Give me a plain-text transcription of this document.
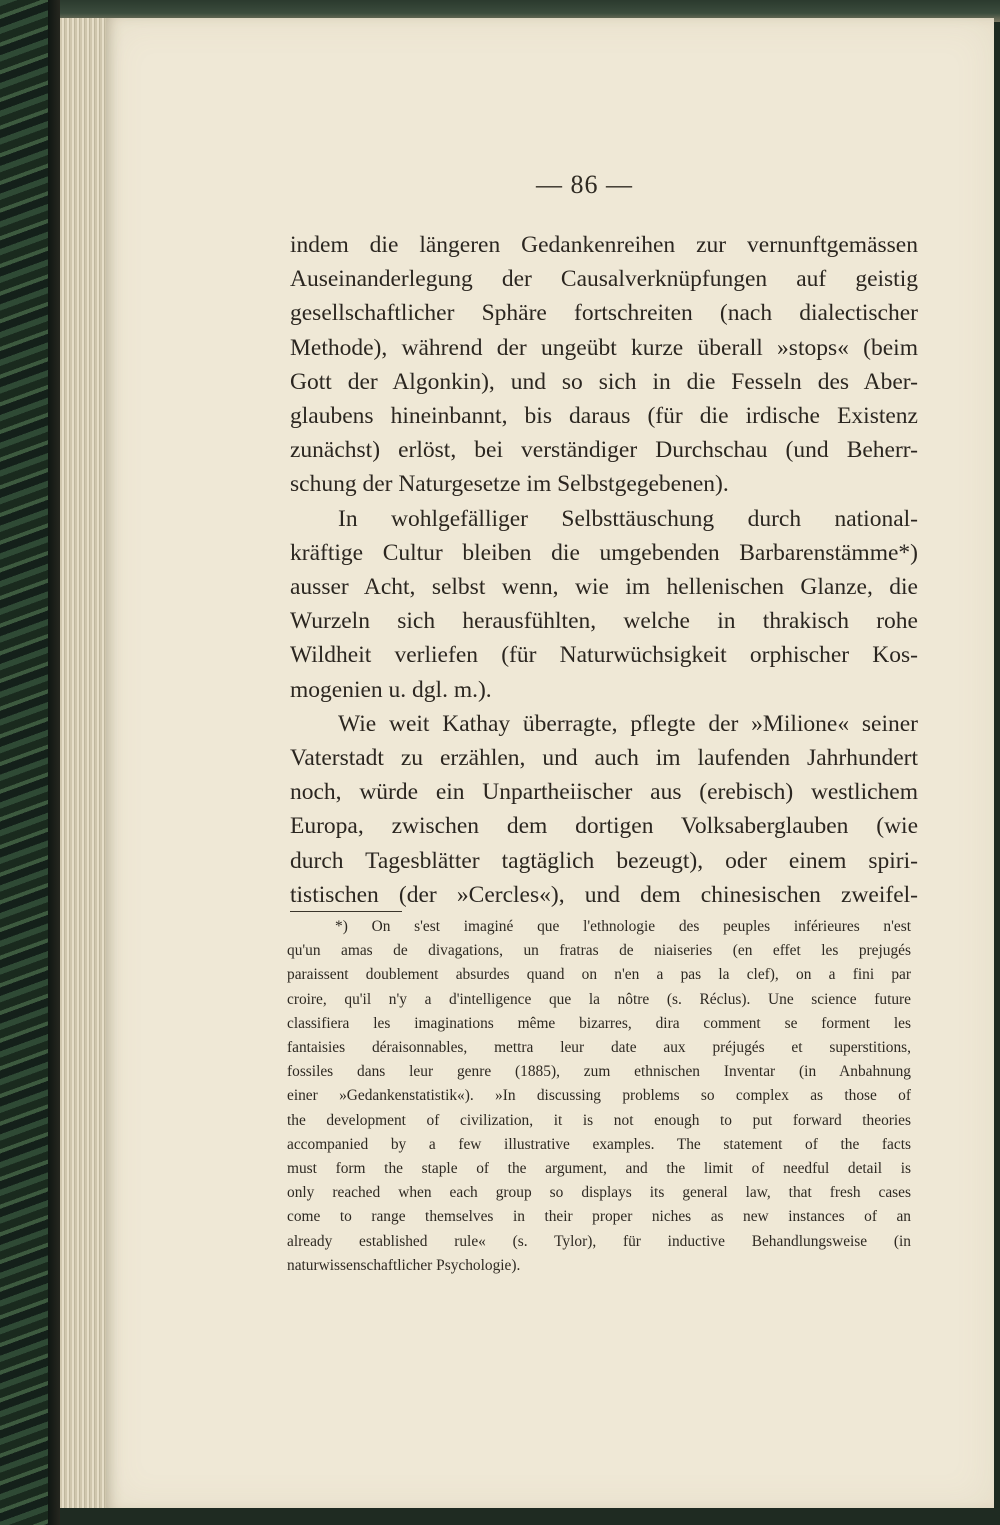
— 86 —
indem die längeren Gedankenreihen zur vernunftgemässen
Auseinanderlegung der Causalverknüpfungen auf geistig
gesellschaftlicher Sphäre fortschreiten (nach dialectischer
Methode), während der ungeübt kurze überall »stops« (beim
Gott der Algonkin), und so sich in die Fesseln des Aber-
glaubens hineinbannt, bis daraus (für die irdische Existenz
zunächst) erlöst, bei verständiger Durchschau (und Beherr-
schung der Naturgesetze im Selbstgegebenen).
In wohlgefälliger Selbsttäuschung durch national-
kräftige Cultur bleiben die umgebenden Barbarenstämme*)
ausser Acht, selbst wenn, wie im hellenischen Glanze, die
Wurzeln sich herausfühlten, welche in thrakisch rohe
Wildheit verliefen (für Naturwüchsigkeit orphischer Kos-
mogenien u. dgl. m.).
Wie weit Kathay überragte, pflegte der »Milione« seiner
Vaterstadt zu erzählen, und auch im laufenden Jahrhundert
noch, würde ein Unpartheiischer aus (erebisch) westlichem
Europa, zwischen dem dortigen Volksaberglauben (wie
durch Tagesblätter tagtäglich bezeugt), oder einem spiri-
tistischen (der »Cercles«), und dem chinesischen zweifel-
*) On s'est imaginé que l'ethnologie des peuples inférieures n'est
qu'un amas de divagations, un fratras de niaiseries (en effet les prejugés
paraissent doublement absurdes quand on n'en a pas la clef), on a fini par
croire, qu'il n'y a d'intelligence que la nôtre (s. Réclus). Une science future
classifiera les imaginations même bizarres, dira comment se forment les
fantaisies déraisonnables, mettra leur date aux préjugés et superstitions,
fossiles dans leur genre (1885), zum ethnischen Inventar (in Anbahnung
einer »Gedankenstatistik«). »In discussing problems so complex as those of
the development of civilization, it is not enough to put forward theories
accompanied by a few illustrative examples. The statement of the facts
must form the staple of the argument, and the limit of needful detail is
only reached when each group so displays its general law, that fresh cases
come to range themselves in their proper niches as new instances of an
already established rule« (s. Tylor), für inductive Behandlungsweise (in
naturwissenschaftlicher Psychologie).
